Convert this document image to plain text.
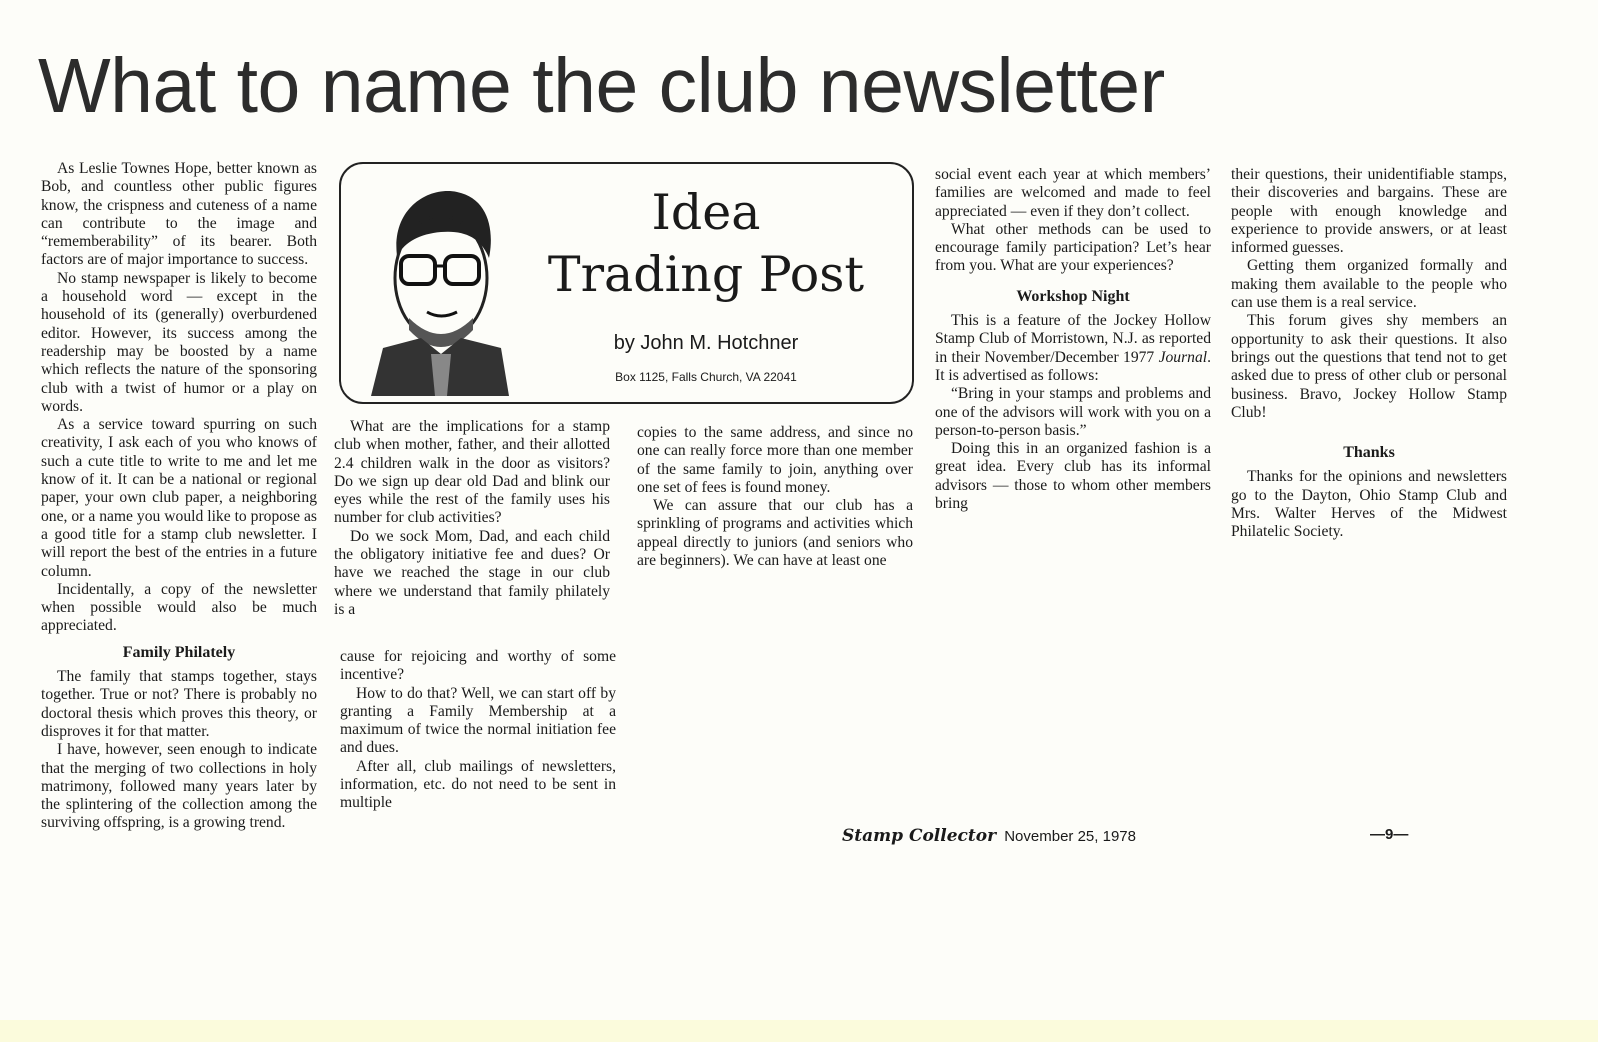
What to name the club newsletter

As Leslie Townes Hope, better known as Bob, and countless other public figures know, the crispness and cuteness of a name can contribute to the image and “rememberability” of its bearer. Both factors are of major importance to success.

No stamp newspaper is likely to become a household word — except in the household of its (generally) overburdened editor. However, its success among the readership may be boosted by a name which reflects the nature of the sponsoring club with a twist of humor or a play on words.

As a service toward spurring on such creativity, I ask each of you who knows of such a cute title to write to me and let me know of it. It can be a national or regional paper, your own club paper, a neighboring one, or a name you would like to propose as a good title for a stamp club newsletter. I will report the best of the entries in a future column.

Incidentally, a copy of the newsletter when possible would also be much appreciated.

Family Philately

The family that stamps together, stays together. True or not? There is probably no doctoral thesis which proves this theory, or disproves it for that matter.

I have, however, seen enough to indicate that the merging of two collections in holy matrimony, followed many years later by the splintering of the collection among the surviving offspring, is a growing trend.

Idea
Trading Post
by John M. Hotchner
Box 1125, Falls Church, VA 22041

What are the implications for a stamp club when mother, father, and their allotted 2.4 children walk in the door as visitors? Do we sign up dear old Dad and blink our eyes while the rest of the family uses his number for club activities?

Do we sock Mom, Dad, and each child the obligatory initiative fee and dues? Or have we reached the stage in our club where we understand that family philately is a

cause for rejoicing and worthy of some incentive?

How to do that? Well, we can start off by granting a Family Membership at a maximum of twice the normal initiation fee and dues.

After all, club mailings of newsletters, information, etc. do not need to be sent in multiple

copies to the same address, and since no one can really force more than one member of the same family to join, anything over one set of fees is found money.

We can assure that our club has a sprinkling of programs and activities which appeal directly to juniors (and seniors who are beginners). We can have at least one

social event each year at which members’ families are welcomed and made to feel appreciated — even if they don’t collect.

What other methods can be used to encourage family participation? Let’s hear from you. What are your experiences?

Workshop Night

This is a feature of the Jockey Hollow Stamp Club of Morristown, N.J. as reported in their November/December 1977 Journal. It is advertised as follows:

“Bring in your stamps and problems and one of the advisors will work with you on a person-to-person basis.”

Doing this in an organized fashion is a great idea. Every club has its informal advisors — those to whom other members bring

their questions, their unidentifiable stamps, their discoveries and bargains. These are people with enough knowledge and experience to provide answers, or at least informed guesses.

Getting them organized formally and making them available to the people who can use them is a real service.

This forum gives shy members an opportunity to ask their questions. It also brings out the questions that tend not to get asked due to press of other club or personal business. Bravo, Jockey Hollow Stamp Club!

Thanks

Thanks for the opinions and newsletters go to the Dayton, Ohio Stamp Club and Mrs. Walter Herves of the Midwest Philatelic Society.

Stamp Collector November 25, 1978	—9—
